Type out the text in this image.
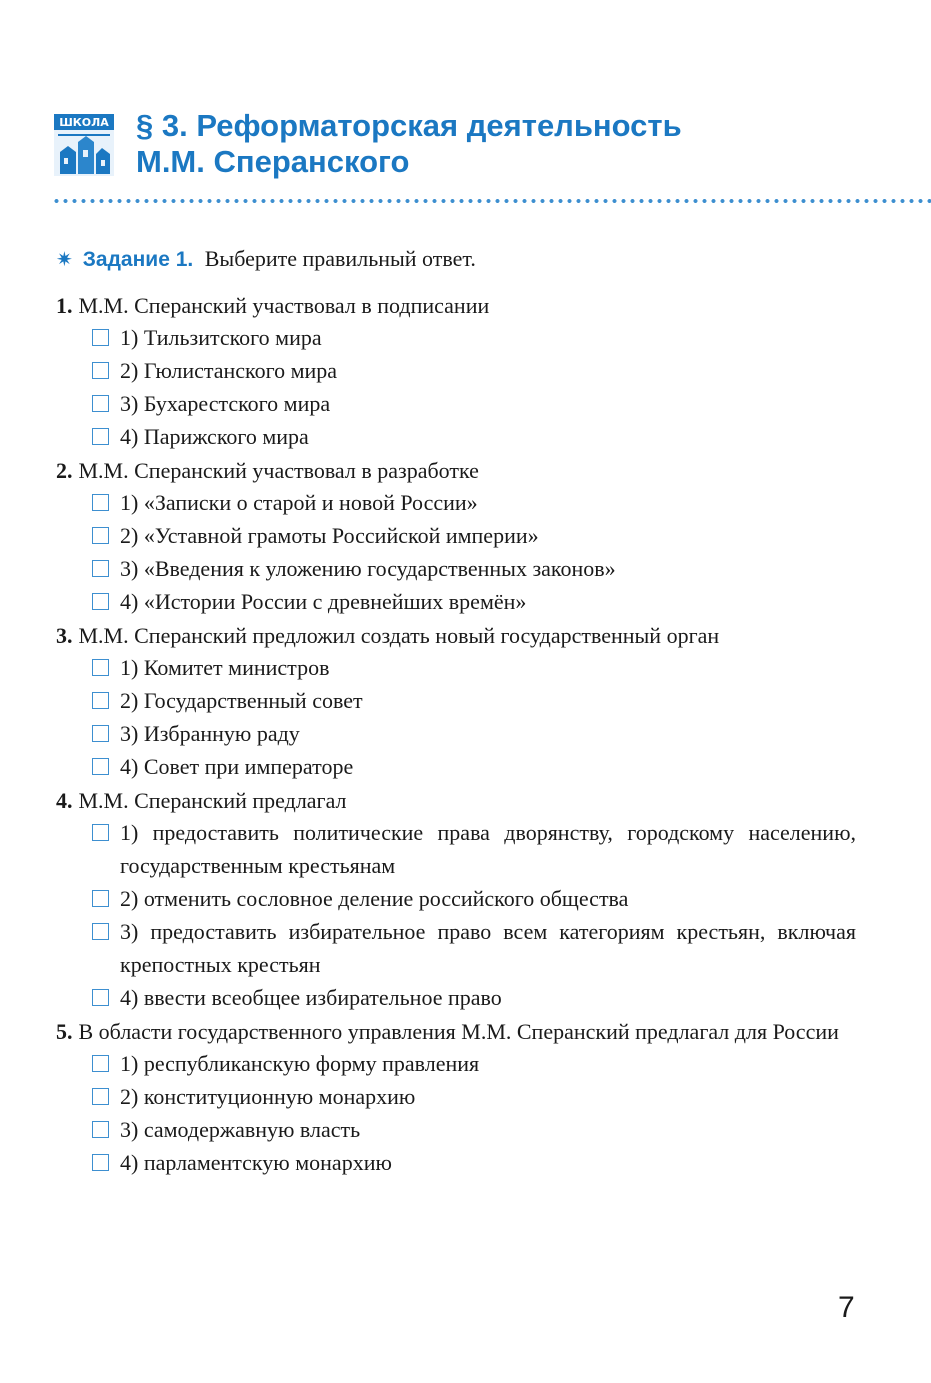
ШКОЛА § 3. Реформаторская деятельность
М.М. Сперанского
✷ Задание 1. Выберите правильный ответ.
1. М.М. Сперанский участвовал в подписании
1) Тильзитского мира
2) Гюлистанского мира
3) Бухарестского мира
4) Парижского мира
2. М.М. Сперанский участвовал в разработке
1) «Записки о старой и новой России»
2) «Уставной грамоты Российской империи»
3) «Введения к уложению государственных законов»
4) «Истории России с древнейших времён»
3. М.М. Сперанский предложил создать новый государственный орган
1) Комитет министров
2) Государственный совет
3) Избранную раду
4) Совет при императоре
4. М.М. Сперанский предлагал
1) предоставить политические права дворянству, городскому населению, государственным крестьянам
2) отменить сословное деление российского общества
3) предоставить избирательное право всем категориям крестьян, включая крепостных крестьян
4) ввести всеобщее избирательное право
5. В области государственного управления М.М. Сперанский предлагал для России
1) республиканскую форму правления
2) конституционную монархию
3) самодержавную власть
4) парламентскую монархию
7
